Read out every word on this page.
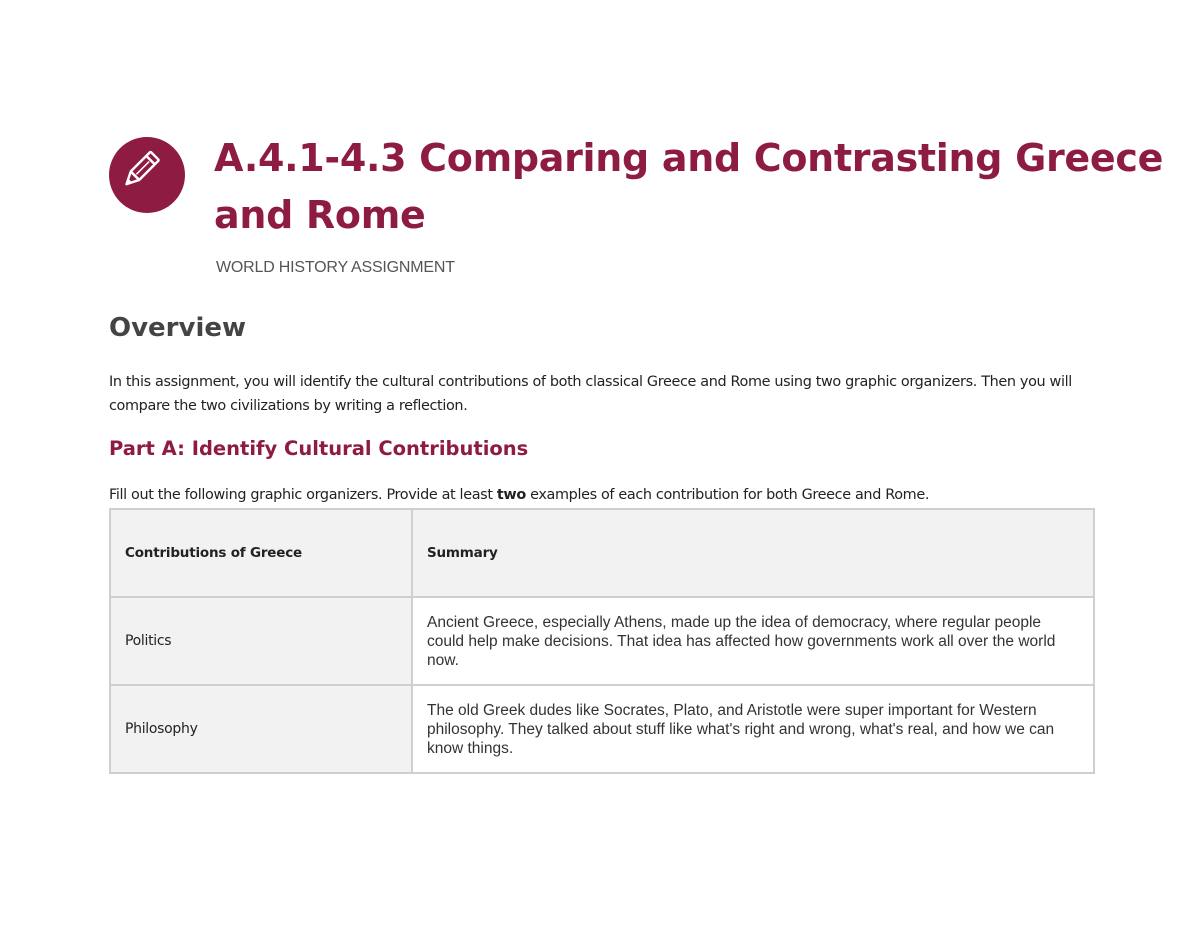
A.4.1-4.3 Comparing and Contrasting Greece and Rome
WORLD HISTORY ASSIGNMENT
Overview

In this assignment, you will identify the cultural contributions of both classical Greece and Rome using two graphic organizers. Then you will compare the two civilizations by writing a reflection.

Part A: Identify Cultural Contributions

Fill out the following graphic organizers. Provide at least two examples of each contribution for both Greece and Rome.

Contributions of Greece	Summary
Politics	Ancient Greece, especially Athens, made up the idea of democracy, where regular people could help make decisions. That idea has affected how governments work all over the world now.
Philosophy	The old Greek dudes like Socrates, Plato, and Aristotle were super important for Western philosophy. They talked about stuff like what's right and wrong, what's real, and how we can know things.
